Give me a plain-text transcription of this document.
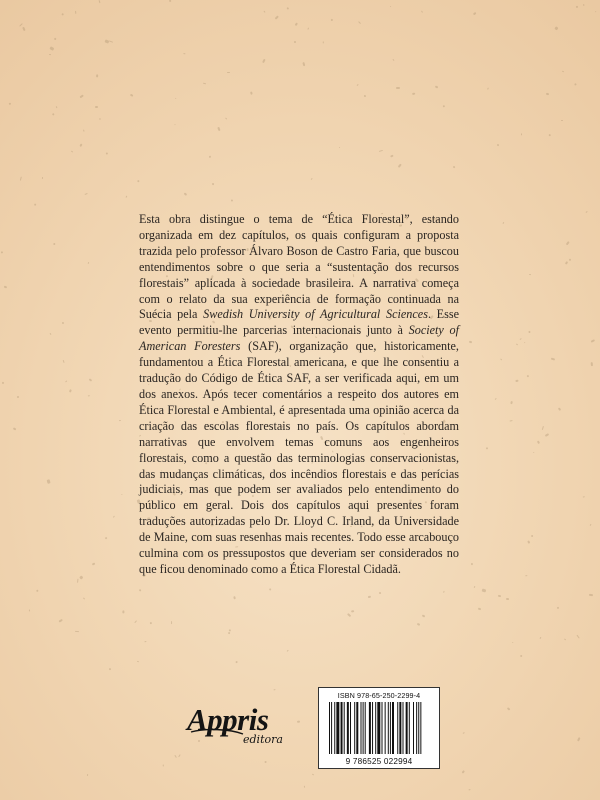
Esta obra distingue o tema de “Ética Florestal”, estando organizada em dez capítulos, os quais configuram a proposta trazida pelo professor Álvaro Boson de Castro Faria, que buscou entendimentos sobre o que seria a “sustentação dos recursos florestais” aplicada à sociedade brasileira. A narrativa começa com o relato da sua experiência de formação continuada na Suécia pela Swedish University of Agricultural Sciences. Esse evento permitiu-lhe parcerias internacionais junto à Society of American Foresters (SAF), organização que, historicamente, fundamentou a Ética Florestal americana, e que lhe consentiu a tradução do Código de Ética SAF, a ser verificada aqui, em um dos anexos. Após tecer comentários a respeito dos autores em Ética Florestal e Ambiental, é apresentada uma opinião acerca da criação das escolas florestais no país. Os capítulos abordam narrativas que envolvem temas comuns aos engenheiros florestais, como a questão das terminologias conservacionistas, das mudanças climáticas, dos incêndios florestais e das perícias judiciais, mas que podem ser avaliados pelo entendimento do público em geral. Dois dos capítulos aqui presentes foram traduções autorizadas pelo Dr. Lloyd C. Irland, da Universidade de Maine, com suas resenhas mais recentes. Todo esse arcabouço culmina com os pressupostos que deveriam ser considerados no que ficou denominado como a Ética Florestal Cidadã.

Appris
editora
ISBN 978-65-250-2299-4
9 786525 022994
